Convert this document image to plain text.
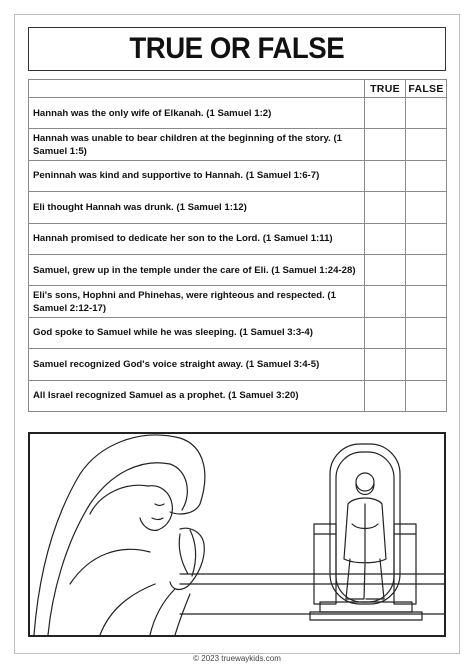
TRUE OR FALSE
	TRUE	FALSE
Hannah was the only wife of Elkanah. (1 Samuel 1:2)		
Hannah was unable to bear children at the beginning of the story. (1 Samuel 1:5)		
Peninnah was kind and supportive to Hannah. (1 Samuel 1:6-7)		
Eli thought Hannah was drunk. (1 Samuel 1:12)		
Hannah promised to dedicate her son to the Lord. (1 Samuel 1:11)		
Samuel, grew up in the temple under the care of Eli. (1 Samuel 1:24-28)		
Eli's sons, Hophni and Phinehas, were righteous and respected. (1 Samuel 2:12-17)		
God spoke to Samuel while he was sleeping. (1 Samuel 3:3-4)		
Samuel recognized God's voice straight away. (1 Samuel 3:4-5)		
All Israel recognized Samuel as a prophet. (1 Samuel 3:20)		
© 2023 truewaykids.com
